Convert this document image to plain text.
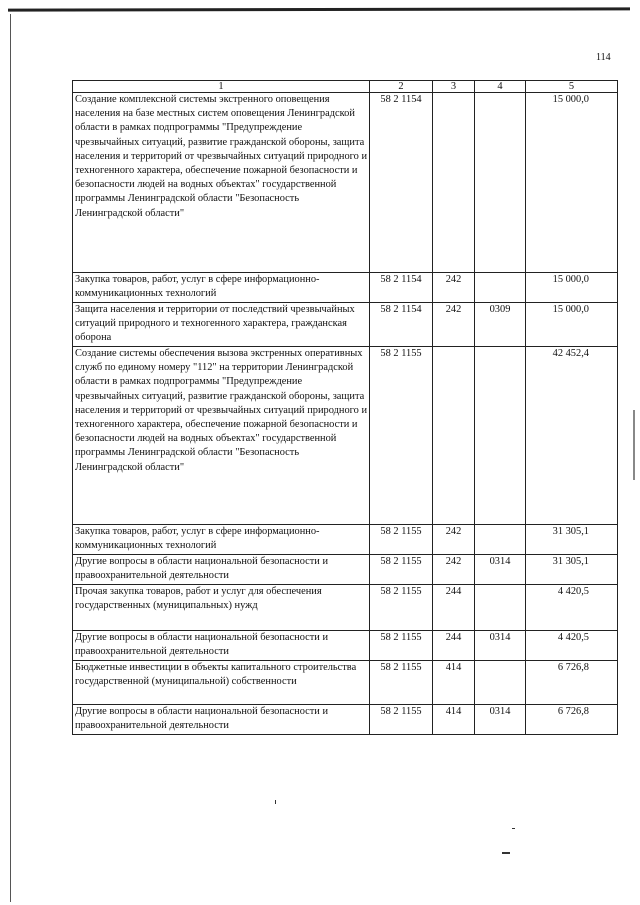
114
1	2	3	4	5
Создание комплексной системы экстренного оповещения населения на базе местных систем оповещения Ленинградской области в рамках подпрограммы "Предупреждение чрезвычайных ситуаций, развитие гражданской обороны, защита населения и территорий от чрезвычайных ситуаций природного и техногенного характера, обеспечение пожарной безопасности и безопасности людей на водных объектах" государственной программы Ленинградской области "Безопасность Ленинградской области"	58 2 1154			15 000,0
Закупка товаров, работ, услуг в сфере информационно-коммуникационных технологий	58 2 1154	242		15 000,0
Защита населения и территории от последствий чрезвычайных ситуаций природного и техногенного характера, гражданская оборона	58 2 1154	242	0309	15 000,0
Создание системы обеспечения вызова экстренных оперативных служб по единому номеру "112" на территории Ленинградской области в рамках подпрограммы "Предупреждение чрезвычайных ситуаций, развитие гражданской обороны, защита населения и территорий от чрезвычайных ситуаций природного и техногенного характера, обеспечение пожарной безопасности и безопасности людей на водных объектах" государственной программы Ленинградской области "Безопасность Ленинградской области"	58 2 1155			42 452,4
Закупка товаров, работ, услуг в сфере информационно-коммуникационных технологий	58 2 1155	242		31 305,1
Другие вопросы в области национальной безопасности и правоохранительной деятельности	58 2 1155	242	0314	31 305,1
Прочая закупка товаров, работ и услуг для обеспечения государственных (муниципальных) нужд	58 2 1155	244		4 420,5
Другие вопросы в области национальной безопасности и правоохранительной деятельности	58 2 1155	244	0314	4 420,5
Бюджетные инвестиции в объекты капитального строительства государственной (муниципальной) собственности	58 2 1155	414		6 726,8
Другие вопросы в области национальной безопасности и правоохранительной деятельности	58 2 1155	414	0314	6 726,8
